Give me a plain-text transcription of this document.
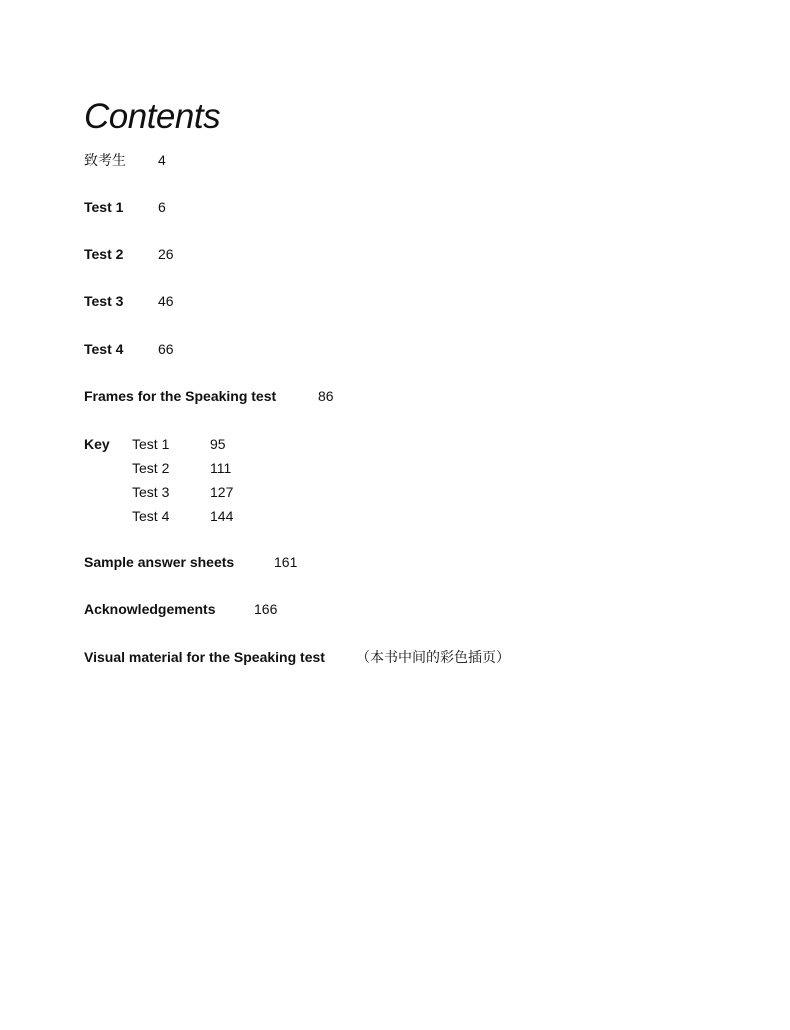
Contents
致考生 4
Test 1 6
Test 2 26
Test 3 46
Test 4 66
Frames for the Speaking test	86
Key Test 1	95
Test 2	111
Test 3	127
Test 4	144
Sample answer sheets	161
Acknowledgements	166
Visual material for the Speaking test （本书中间的彩色插页）
